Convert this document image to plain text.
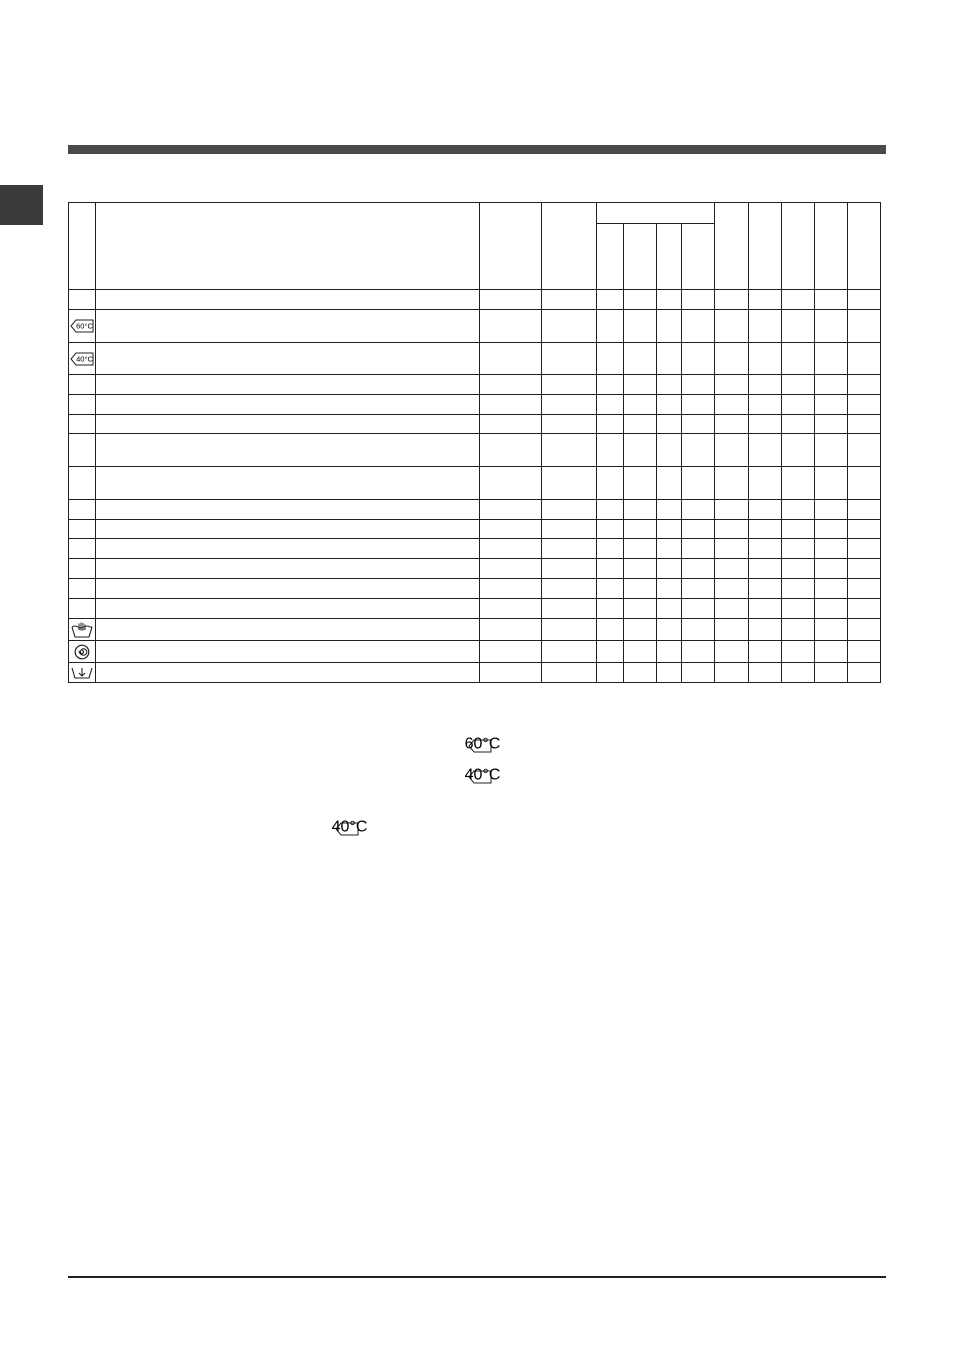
60°C												

40°C												

60°C
40°C
40°C
